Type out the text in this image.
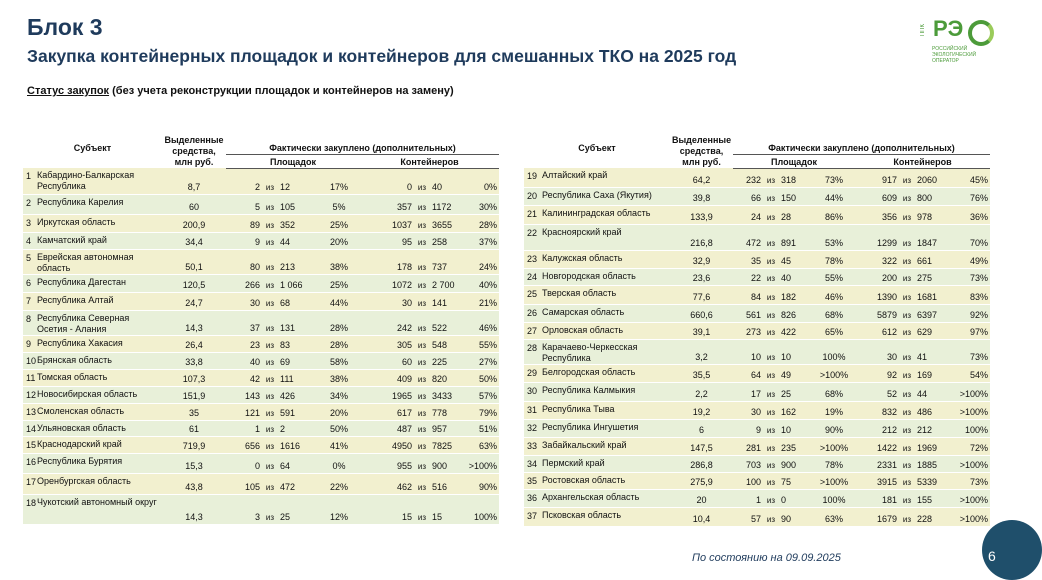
Блок 3
Закупка контейнерных площадок и контейнеров для смешанных ТКО на 2025 год
Статус закупок (без учета реконструкции площадок и контейнеров на замену)
ППК РЭ
РОССИЙСКИЙ ЭКОЛОГИЧЕСКИЙ ОПЕРАТОР
Субъект		Выделенные средства, млн руб.	Фактически закуплено (дополнительных)							
			Площадок				Контейнеров			
1	Кабардино-Балкарская Республика	8,7	2	из	12	17%	0	из	40	0%
2	Республика Карелия	60	5	из	105	5%	357	из	1172	30%
3	Иркутская область	200,9	89	из	352	25%	1037	из	3655	28%
4	Камчатский край	34,4	9	из	44	20%	95	из	258	37%
5	Еврейская автономная область	50,1	80	из	213	38%	178	из	737	24%
6	Республика Дагестан	120,5	266	из	1 066	25%	1072	из	2 700	40%
7	Республика Алтай	24,7	30	из	68	44%	30	из	141	21%
8	Республика Северная Осетия - Алания	14,3	37	из	131	28%	242	из	522	46%
9	Республика Хакасия	26,4	23	из	83	28%	305	из	548	55%
10	Брянская область	33,8	40	из	69	58%	60	из	225	27%
11	Томская область	107,3	42	из	111	38%	409	из	820	50%
12	Новосибирская область	151,9	143	из	426	34%	1965	из	3433	57%
13	Смоленская область	35	121	из	591	20%	617	из	778	79%
14	Ульяновская область	61	1	из	2	50%	487	из	957	51%
15	Краснодарский край	719,9	656	из	1616	41%	4950	из	7825	63%
16	Республика Бурятия	15,3	0	из	64	0%	955	из	900	>100%
17	Оренбургская область	43,8	105	из	472	22%	462	из	516	90%
18	Чукотский автономный округ	14,3	3	из	25	12%	15	из	15	100%
Субъект		Выделенные средства, млн руб.	Фактически закуплено (дополнительных)							
			Площадок				Контейнеров			
19	Алтайский край	64,2	232	из	318	73%	917	из	2060	45%
20	Республика Саха (Якутия)	39,8	66	из	150	44%	609	из	800	76%
21	Калининградская область	133,9	24	из	28	86%	356	из	978	36%
22	Красноярский край	216,8	472	из	891	53%	1299	из	1847	70%
23	Калужская область	32,9	35	из	45	78%	322	из	661	49%
24	Новгородская область	23,6	22	из	40	55%	200	из	275	73%
25	Тверская область	77,6	84	из	182	46%	1390	из	1681	83%
26	Самарская область	660,6	561	из	826	68%	5879	из	6397	92%
27	Орловская область	39,1	273	из	422	65%	612	из	629	97%
28	Карачаево-Черкесская Республика	3,2	10	из	10	100%	30	из	41	73%
29	Белгородская область	35,5	64	из	49	>100%	92	из	169	54%
30	Республика Калмыкия	2,2	17	из	25	68%	52	из	44	>100%
31	Республика Тыва	19,2	30	из	162	19%	832	из	486	>100%
32	Республика Ингушетия	6	9	из	10	90%	212	из	212	100%
33	Забайкальский край	147,5	281	из	235	>100%	1422	из	1969	72%
34	Пермский край	286,8	703	из	900	78%	2331	из	1885	>100%
35	Ростовская область	275,9	100	из	75	>100%	3915	из	5339	73%
36	Архангельская область	20	1	из	0	100%	181	из	155	>100%
37	Псковская область	10,4	57	из	90	63%	1679	из	228	>100%
По состоянию на 09.09.2025	6
